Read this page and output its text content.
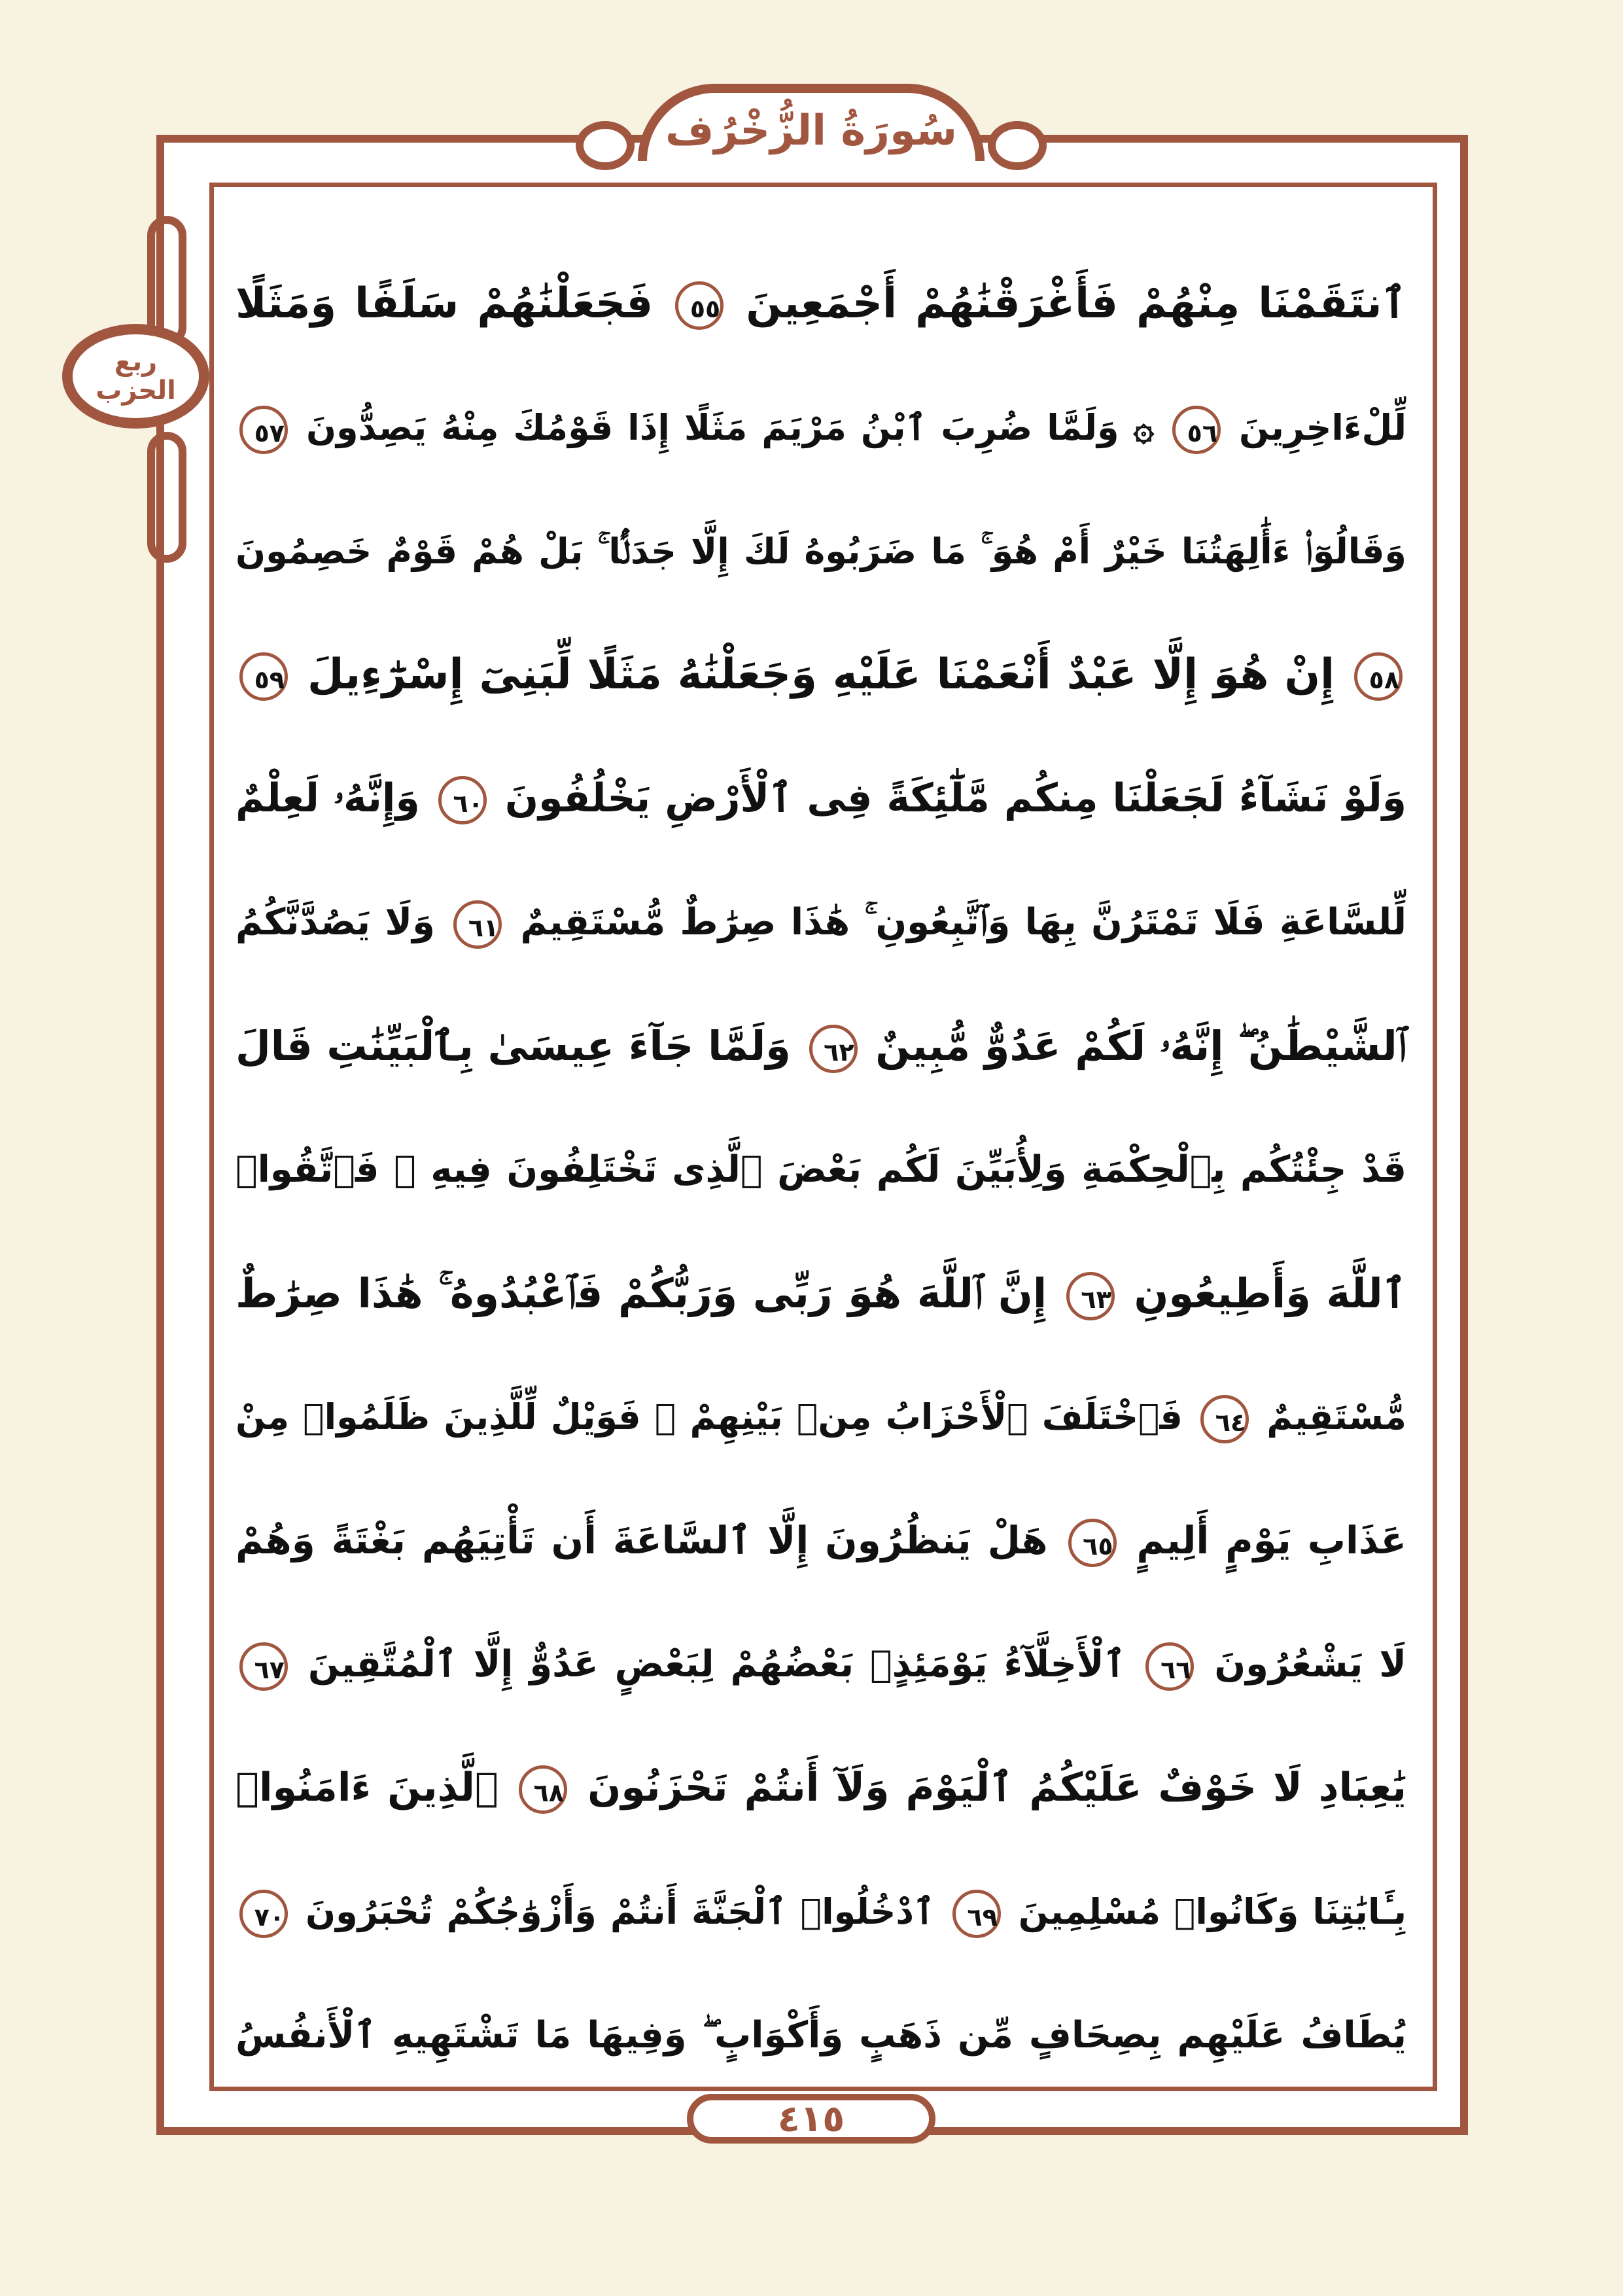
سُورَةُ الزُّخْرُف
ربع
الحزب
ٱنتَقَمْنَا مِنْهُمْ فَأَغْرَقْنَٰهُمْ أَجْمَعِينَ ٥٥ فَجَعَلْنَٰهُمْ سَلَفًا وَمَثَلًا
لِّلْءَاخِرِينَ ٥٦ ۞ وَلَمَّا ضُرِبَ ٱبْنُ مَرْيَمَ مَثَلًا إِذَا قَوْمُكَ مِنْهُ يَصِدُّونَ ٥٧
وَقَالُوٓا۟ ءَأَٰلِهَتُنَا خَيْرٌ أَمْ هُوَ ۚ مَا ضَرَبُوهُ لَكَ إِلَّا جَدَلًۢا ۚ بَلْ هُمْ قَوْمٌ خَصِمُونَ
٥٨ إِنْ هُوَ إِلَّا عَبْدٌ أَنْعَمْنَا عَلَيْهِ وَجَعَلْنَٰهُ مَثَلًا لِّبَنِىٓ إِسْرَٰٓءِيلَ ٥٩
وَلَوْ نَشَآءُ لَجَعَلْنَا مِنكُم مَّلَٰٓئِكَةً فِى ٱلْأَرْضِ يَخْلُفُونَ ٦٠ وَإِنَّهُۥ لَعِلْمٌ
لِّلسَّاعَةِ فَلَا تَمْتَرُنَّ بِهَا وَٱتَّبِعُونِ ۚ هَٰذَا صِرَٰطٌ مُّسْتَقِيمٌ ٦١ وَلَا يَصُدَّنَّكُمُ
ٱلشَّيْطَٰنُ ۖ إِنَّهُۥ لَكُمْ عَدُوٌّ مُّبِينٌ ٦٢ وَلَمَّا جَآءَ عِيسَىٰ بِٱلْبَيِّنَٰتِ قَالَ
قَدْ جِئْتُكُم بِٱلْحِكْمَةِ وَلِأُبَيِّنَ لَكُم بَعْضَ ٱلَّذِى تَخْتَلِفُونَ فِيهِ ۖ فَٱتَّقُوا۟
ٱللَّهَ وَأَطِيعُونِ ٦٣ إِنَّ ٱللَّهَ هُوَ رَبِّى وَرَبُّكُمْ فَٱعْبُدُوهُ ۚ هَٰذَا صِرَٰطٌ
مُّسْتَقِيمٌ ٦٤ فَٱخْتَلَفَ ٱلْأَحْزَابُ مِنۢ بَيْنِهِمْ ۖ فَوَيْلٌ لِّلَّذِينَ ظَلَمُوا۟ مِنْ
عَذَابِ يَوْمٍ أَلِيمٍ ٦٥ هَلْ يَنظُرُونَ إِلَّا ٱلسَّاعَةَ أَن تَأْتِيَهُم بَغْتَةً وَهُمْ
لَا يَشْعُرُونَ ٦٦ ٱلْأَخِلَّآءُ يَوْمَئِذٍۭ بَعْضُهُمْ لِبَعْضٍ عَدُوٌّ إِلَّا ٱلْمُتَّقِينَ ٦٧
يَٰعِبَادِ لَا خَوْفٌ عَلَيْكُمُ ٱلْيَوْمَ وَلَآ أَنتُمْ تَحْزَنُونَ ٦٨ ٱلَّذِينَ ءَامَنُوا۟
بِـَٔايَٰتِنَا وَكَانُوا۟ مُسْلِمِينَ ٦٩ ٱدْخُلُوا۟ ٱلْجَنَّةَ أَنتُمْ وَأَزْوَٰجُكُمْ تُحْبَرُونَ ٧٠
يُطَافُ عَلَيْهِم بِصِحَافٍ مِّن ذَهَبٍ وَأَكْوَابٍ ۖ وَفِيهَا مَا تَشْتَهِيهِ ٱلْأَنفُسُ
٤١٥
